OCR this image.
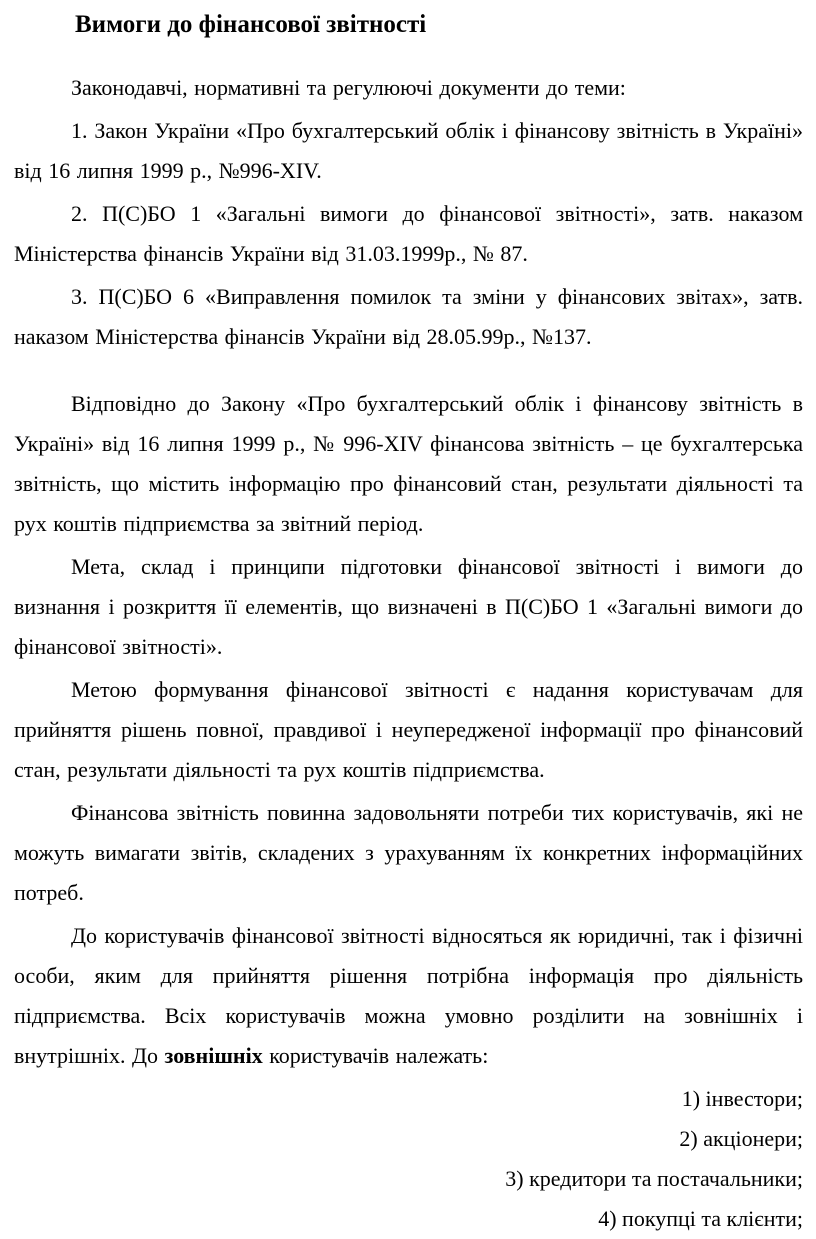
Вимоги до фінансової звітності

Законодавчі, нормативні та регулюючі документи до теми:

1. Закон України «Про бухгалтерський облік і фінансову звітність в Україні» від 16 липня 1999 р., №996-XIV.

2. П(С)БО 1 «Загальні вимоги до фінансової звітності», затв. наказом Міністерства фінансів України від 31.03.1999р., № 87.

3. П(С)БО 6 «Виправлення помилок та зміни у фінансових звітах», затв. наказом Міністерства фінансів України від 28.05.99р., №137.

Відповідно до Закону «Про бухгалтерський облік і фінансову звітність в Україні» від 16 липня 1999 р., № 996-XIV фінансова звітність – це бухгалтерська звітність, що містить інформацію про фінансовий стан, результати діяльності та рух коштів підприємства за звітний період.

Мета, склад і принципи підготовки фінансової звітності і вимоги до визнання і розкриття її елементів, що визначені в П(С)БО 1 «Загальні вимоги до фінансової звітності».

Метою формування фінансової звітності є надання користувачам для прийняття рішень повної, правдивої і неупередженої інформації про фінансовий стан, результати діяльності та рух коштів підприємства.

Фінансова звітність повинна задовольняти потреби тих користувачів, які не можуть вимагати звітів, складених з урахуванням їх конкретних інформаційних потреб.

До користувачів фінансової звітності відносяться як юридичні, так і фізичні особи, яким для прийняття рішення потрібна інформація про діяльність підприємства. Всіх користувачів можна умовно розділити на зовнішніх і внутрішніх. До зовнішніх користувачів належать:

1) інвестори;
2) акціонери;
3) кредитори та постачальники;
4) покупці та клієнти;
